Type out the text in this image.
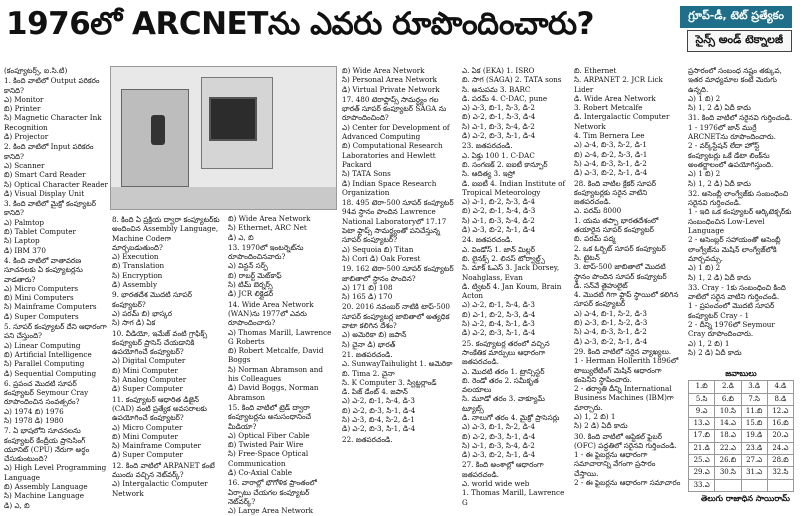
1976లో ARCNETను ఎవరు రూపొందించారు?	గ్రూప్-డీ, టెట్ ప్రత్యేకం
సైన్స్ అండ్ టెక్నాలజీ

(కంప్యూటర్స్, ఐ.సి.టి)

1. కింది వాటిలో Output పరికరం కానిది?

ఎ) Monitor

బి) Printer

సి) Magnetic Character Ink Recognition

డి) Projector

2. కింది వాటిలో Input పరికరం కానిది?

ఎ) Scanner

బి) Smart Card Reader

సి) Optical Character Reader

డి) Visual Display Unit

3. కింది వాటిలో మైక్రో కంప్యూటర్ కానిది?

ఎ) Palmtop

బి) Tablet Computer

సి) Laptop

డి) IBM 370

4. కింది వాటిలో వాతావరణ సూచనలకు ఏ కంప్యూటర్లను వాడతారు?

ఎ) Micro Computers

బి) Mini Computers

సి) Mainframe Computers

డి) Super Computers

5. సూపర్ కంప్యూటర్ దేని ఆధారంగా పని చేస్తుంది?

ఎ) Linear Computing

బి) Artificial Intelligence

సి) Parallel Computing

డి) Sequential Computing

6. ప్రపంచ మొదటి సూపర్ కంప్యూటర్ Seymour Cray రూపొందించిన సంవత్సరం?

ఎ) 1974 బి) 1976

సి) 1978 డి) 1980

7. ఏ భాషలోని సూచనలను కంప్యూటర్ కేంద్రీయ ప్రాసెసింగ్ యూనిట్ (CPU) నేరుగా అర్థం చేసుకుంటుంది?

ఎ) High Level Programming Language

బి) Assembly Language

సి) Machine Language

డి) ఎ, బి

8. కింది ఏ ప్రక్రియ ద్వారా కంప్యూటర్‌కు అందించిన Assembly Language, Machine Codeగా మార్చబడుతుంది?

ఎ) Execution

బి) Translation

సి) Encryption

డి) Assembly

9. భారతదేశ మొదటి సూపర్ కంప్యూటర్?

ఎ) పరమ్ బి) భాస్కర

సి) సాగ డి) ఏక

10. వీడియో, ఇమేజ్ వంటి గ్రాఫిక్స్ కంప్యూటర్ ప్రాసెస్ చేయడానికి ఉపయోగించే కంప్యూటర్?

ఎ) Digital Computer

బి) Mini Computer

సి) Analog Computer

డి) Super Computer

11. కంప్యూటర్ ఆధారిత డిజైన్ (CAD) వంటి ప్రత్యేక అవసరాలకు ఉపయోగించే కంప్యూటర్?

ఎ) Micro Computer

బి) Mini Computer

సి) Mainframe Computer

డి) Super Computer

12. కింది వాటిలో ARPANET కంటే ముందు వచ్చిన నెట్‌వర్క్?

ఎ) Intergalactic Computer Network

బి) Wide Area Network

సి) Ethernet, ARC Net

డి) ఎ, బి

13. 1970లో ఇంటర్నెట్‌ను రూపొందించినవారు?

ఎ) విన్టన్ సర్ఫ్

బి) రాబర్ట్ మెట్‌కాఫ్

సి) టిమ్ బెర్నర్స్

డి) JCR లిక్లైడర్

14. Wide Area Network (WAN)ను 1977లో ఎవరు రూపొందించారు?

ఎ) Thomas Marill, Lawrence G Roberts

బి) Robert Metcalfe, David Boggs

సి) Norman Abramson and his Colleagues

డి) David Boggs, Norman Abramson

15. కింది వాటిలో ట్రెడ్ ద్వారా కంప్యూటర్లను అనుసంధానించే మీడియా?

ఎ) Optical Fiber Cable

బి) Twisted Pair Wire

సి) Free-Space Optical Communication

డి) Co-Axial Cable

16. వారాల్లో భౌగోళిక ప్రాంతంలో ఏర్పాటు చేయగల కంప్యూటర్ నెట్‌వర్క్?

ఎ) Large Area Network

బి) Wide Area Network

సి) Personal Area Network

డి) Virtual Private Network

17. 480 టెరాఫ్లాప్స్ సామర్థ్యం గల భారత్ సూపర్ కంప్యూటర్ SAGA ను రూపొందించింది?

ఎ) Center for Development of Advanced Computing

బి) Computational Research Laboratories and Hewlett Packard

సి) TATA Sons

డి) Indian Space Research Organization

18. 495 టెరా-500 సూపర్ కంప్యూటర్ 94వ స్థానం పొందిన Lawrence National Laboratoryలో 17.17 పెటా ఫ్లాప్స్ సామర్థ్యంతో పనిచేస్తున్న సూపర్ కంప్యూటర్?

ఎ) Sequoia బి) Titan

సి) Cori డి) Oak Forest

19. 162 టెరా-500 సూపర్ కంప్యూటర్ జాబితాలో స్థానం పొందిన?

ఎ) 171 బి) 108

సి) 165 డి) 170

20. 2016 నవంబర్ నాటికి టాప్-500 సూపర్ కంప్యూటర్ల జాబితాలో అత్యధిక వాటా కలిగిన దేశం?

ఎ) అమెరికా బి) జపాన్

సి) చైనా డి) భారత్

21. జతపరచండి.

ఎ. SunwayTaihulight 1. అమెరికా

బి. Tima 2. చైనా

సి. K Computer 3. స్విట్జర్లాండ్

డి. పిజ్ డేంట్ 4. జపాన్

ఎ) ఎ-2, బి-1, సి-4, డి-3

బి) ఎ-2, బి-3, సి-1, డి-4

సి) ఎ-3, బి-4, సి-2, డి-1

డి) ఎ-2, బి-3, సి-1, డి-4

22. జతపరచండి.

ఎ. ఏక (EKA) 1. ISRO

బి. సాగ (SAGA) 2. TATA sons

సి. అనుపమ 3. BARC

డి. పరమ్ 4. C-DAC, pune

ఎ) ఎ-3, బి-1, సి-3, డి-2

బి) ఎ-2, బి-1, సి-3, డి-4

సి) ఎ-1, బి-3, సి-4, డి-2

డి) ఎ-2, బి-3, సి-1, డి-4

23. జతపరచండి.

ఎ. ఏక్తు 100 1. C-DAC

బి. సంగణక్ 2. ఐఐటీ కాన్పూర్

సి. ఆదిత్య 3. ఇస్రో

డి. ఐఐటీ 4. Indian Institute of Tropical Meteorology

ఎ) ఎ-1, బి-2, సి-3, డి-4

బి) ఎ-2, బి-1, సి-4, డి-3

సి) ఎ-1, బి-3, సి-4, డి-2

డి) ఎ-3, బి-2, సి-1, డి-4

24. జతపరచండి.

ఎ. విండోస్ 1. జాన్ మిల్లర్

బి. లైనక్స్ 2. లినస్ టోర్వాల్డ్స్

సి. మాక్ ఓఎస్ 3. Jack Dorsey, Noahglass, Evan

డి. ట్విటర్ 4. Jan Koum, Brain Acton

ఎ) ఎ-2, బి-1, సి-4, డి-3

బి) ఎ-1, బి-2, సి-3, డి-4

సి) ఎ-2, బి-4, సి-1, డి-3

డి) ఎ-2, బి-3, సి-1, డి-4

25. కంప్యూటర్ల తరంలో వచ్చిన సాంకేతిక మార్పులు ఆధారంగా జతపరచండి.

ఎ. మొదటి తరం 1. ట్రాన్సిస్టర్

బి. రెండో తరం 2. సమీకృత వలయాలు

సి. మూడో తరం 3. వాక్యూమ్ ట్యూబ్స్

డి. నాలుగో తరం 4. మైక్రో ప్రాసెసర్లు

ఎ) ఎ-3, బి-1, సి-2, డి-4

బి) ఎ-2, బి-3, సి-1, డి-4

సి) ఎ-1, బి-3, సి-4, డి-2

డి) ఎ-3, బి-2, సి-1, డి-4

27. కింది అంశాల్లో ఆధారంగా జతపరచండి.

ఎ. world wide web

1. Thomas Marill, Lawrence G

బి. Ethernet

సి. ARPANET 2. JCR Lick Lider

డి. Wide Area Network

3. Robert Metcalfe

డి. Intergalactic Computer Network

4. Tim Bernera Lee

ఎ) ఎ-4, బి-3, సి-2, డి-1

బి) ఎ-4, బి-2, సి-3, డి-1

సి) ఎ-4, బి-3, సి-1, డి-2

డి) ఎ-3, బి-2, సి-1, డి-4

28. కింది వాటిల క్రేకర్ సూపర్ కంప్యూటర్లకు సరైన వాటిని జతపరచండి.

ఎ. పరమ్ 8000

1. యమ తప్పా భారతదేశంలో తయారైన సూపర్ కంప్యూటర్

బి. పరమ్ పద్మ

2. ఒక ఓర్బిట్ సూపర్ కంప్యూటర్

సి. టైటన్

3. టాప్-500 జాబితాలో మొదటి స్థానం పొందిన సూపర్ కంప్యూటర్

డి. సన్‌వే తైహులైట్

4. మొదటి గిగా ఫ్లాప్ స్థాయిలో కలిగిన సూపర్ కంప్యూటర్

ఎ) ఎ-4, బి-1, సి-2, డి-3

బి) ఎ-3, బి-1, సి-2, డి-3

సి) ఎ-4, బి-3, సి-1, డి-2

డి) ఎ-3, బి-2, సి-1, డి-4

29. కింది వాటిలో సరైన వ్యాఖ్యలు.

1 - Herman Hollerith 1896లో టాబ్యులేటింగ్ మెషిన్ ఆధారంగా కంపెనీని స్థాపించారు.

2 - తర్వాతి దీన్ని International Business Machines (IBM)గా మార్చారు.

ఎ) 1, 2 బి) 1

సి) 2 డి) ఏదీ కాదు

30. కింది వాటిలో ఆప్టికల్ ఫైబర్ (OFC) పద్ధతిలో సరైనవి గుర్తించండి.

1 - ఈ ఫైబర్లను ఆధారంగా సమాచారాన్ని వేగంగా ప్రసారం చేస్తాయి.

2 - ఈ ఫైబర్లను ఆధారంగా సమాచారం

ప్రసారంలో సంబంధ నష్టం తక్కువ, ఇతర మాధ్యమాల కంటే మెరుగు ఉన్నది.

ఎ) 1 బి) 2

సి) 1, 2 డి) ఏదీ కాదు

31. కింది వాటిలో సరైనవి గుర్తించండి.

1 - 1976లో జాన్ ముర్రే ARCNETను రూపొందించారు.

2 - వర్క్‌స్టేషన్ లేదా హోస్ట్ కంప్యూటర్లు ఒకే డేటా లింక్‌ను అంతర్జాలంలో ఉపయోగిస్తుంది.

ఎ) 1 బి) 2

సి) 1, 2 డి) ఏదీ కాదు

32. అసెంబ్లీ లాంగ్వేజ్‌కు సంబంధించి సరైనవి గుర్తించండి.

1 - ఇది ఒక కంప్యూటర్ ఆర్కిటెక్చర్‌కు సంబంధించిన Low-Level Language

2 - అసెంబ్లర్ సహాయంతో అసెంబ్లీ లాంగ్వేజ్‌ను మెషిన్ లాంగ్వేజ్‌లోకి మార్చవచ్చు.

ఎ) 1 బి) 2

సి) 1, 2 డి) ఏదీ కాదు

33. Cray - 1కు సంబంధించి కింది వాటిలో సరైన వాటిని గుర్తించండి.

1 - ప్రపంచంలో మొదటి సూపర్ కంప్యూటర్ Cray - 1

2 - దీన్ని 1976లో Seymour Cray రూపొందించారు.

ఎ) 1, 2 బి) 1

సి) 2 డి) ఏదీ కాదు

జవాబులు
1.బి	2.డి	3.డి	4.డి
5.సి	6.బి	7.సి	8.డి
9.ఎ	10.సి	11.బి	12.ఎ
13.ఎ	14.ఎ	15.బి	16.బి
17.బి	18.ఎ	19.డి	20.ఎ
21.డి	22.ఎ	23.డి	24.ఎ
25.ఎ	26.బి	27.ఎ	28.బి
29.ఎ	30.సి	31.ఎ	32.సి
33.ఎ			
తెలుగు రాజాధిన సాయిరామ్‌
